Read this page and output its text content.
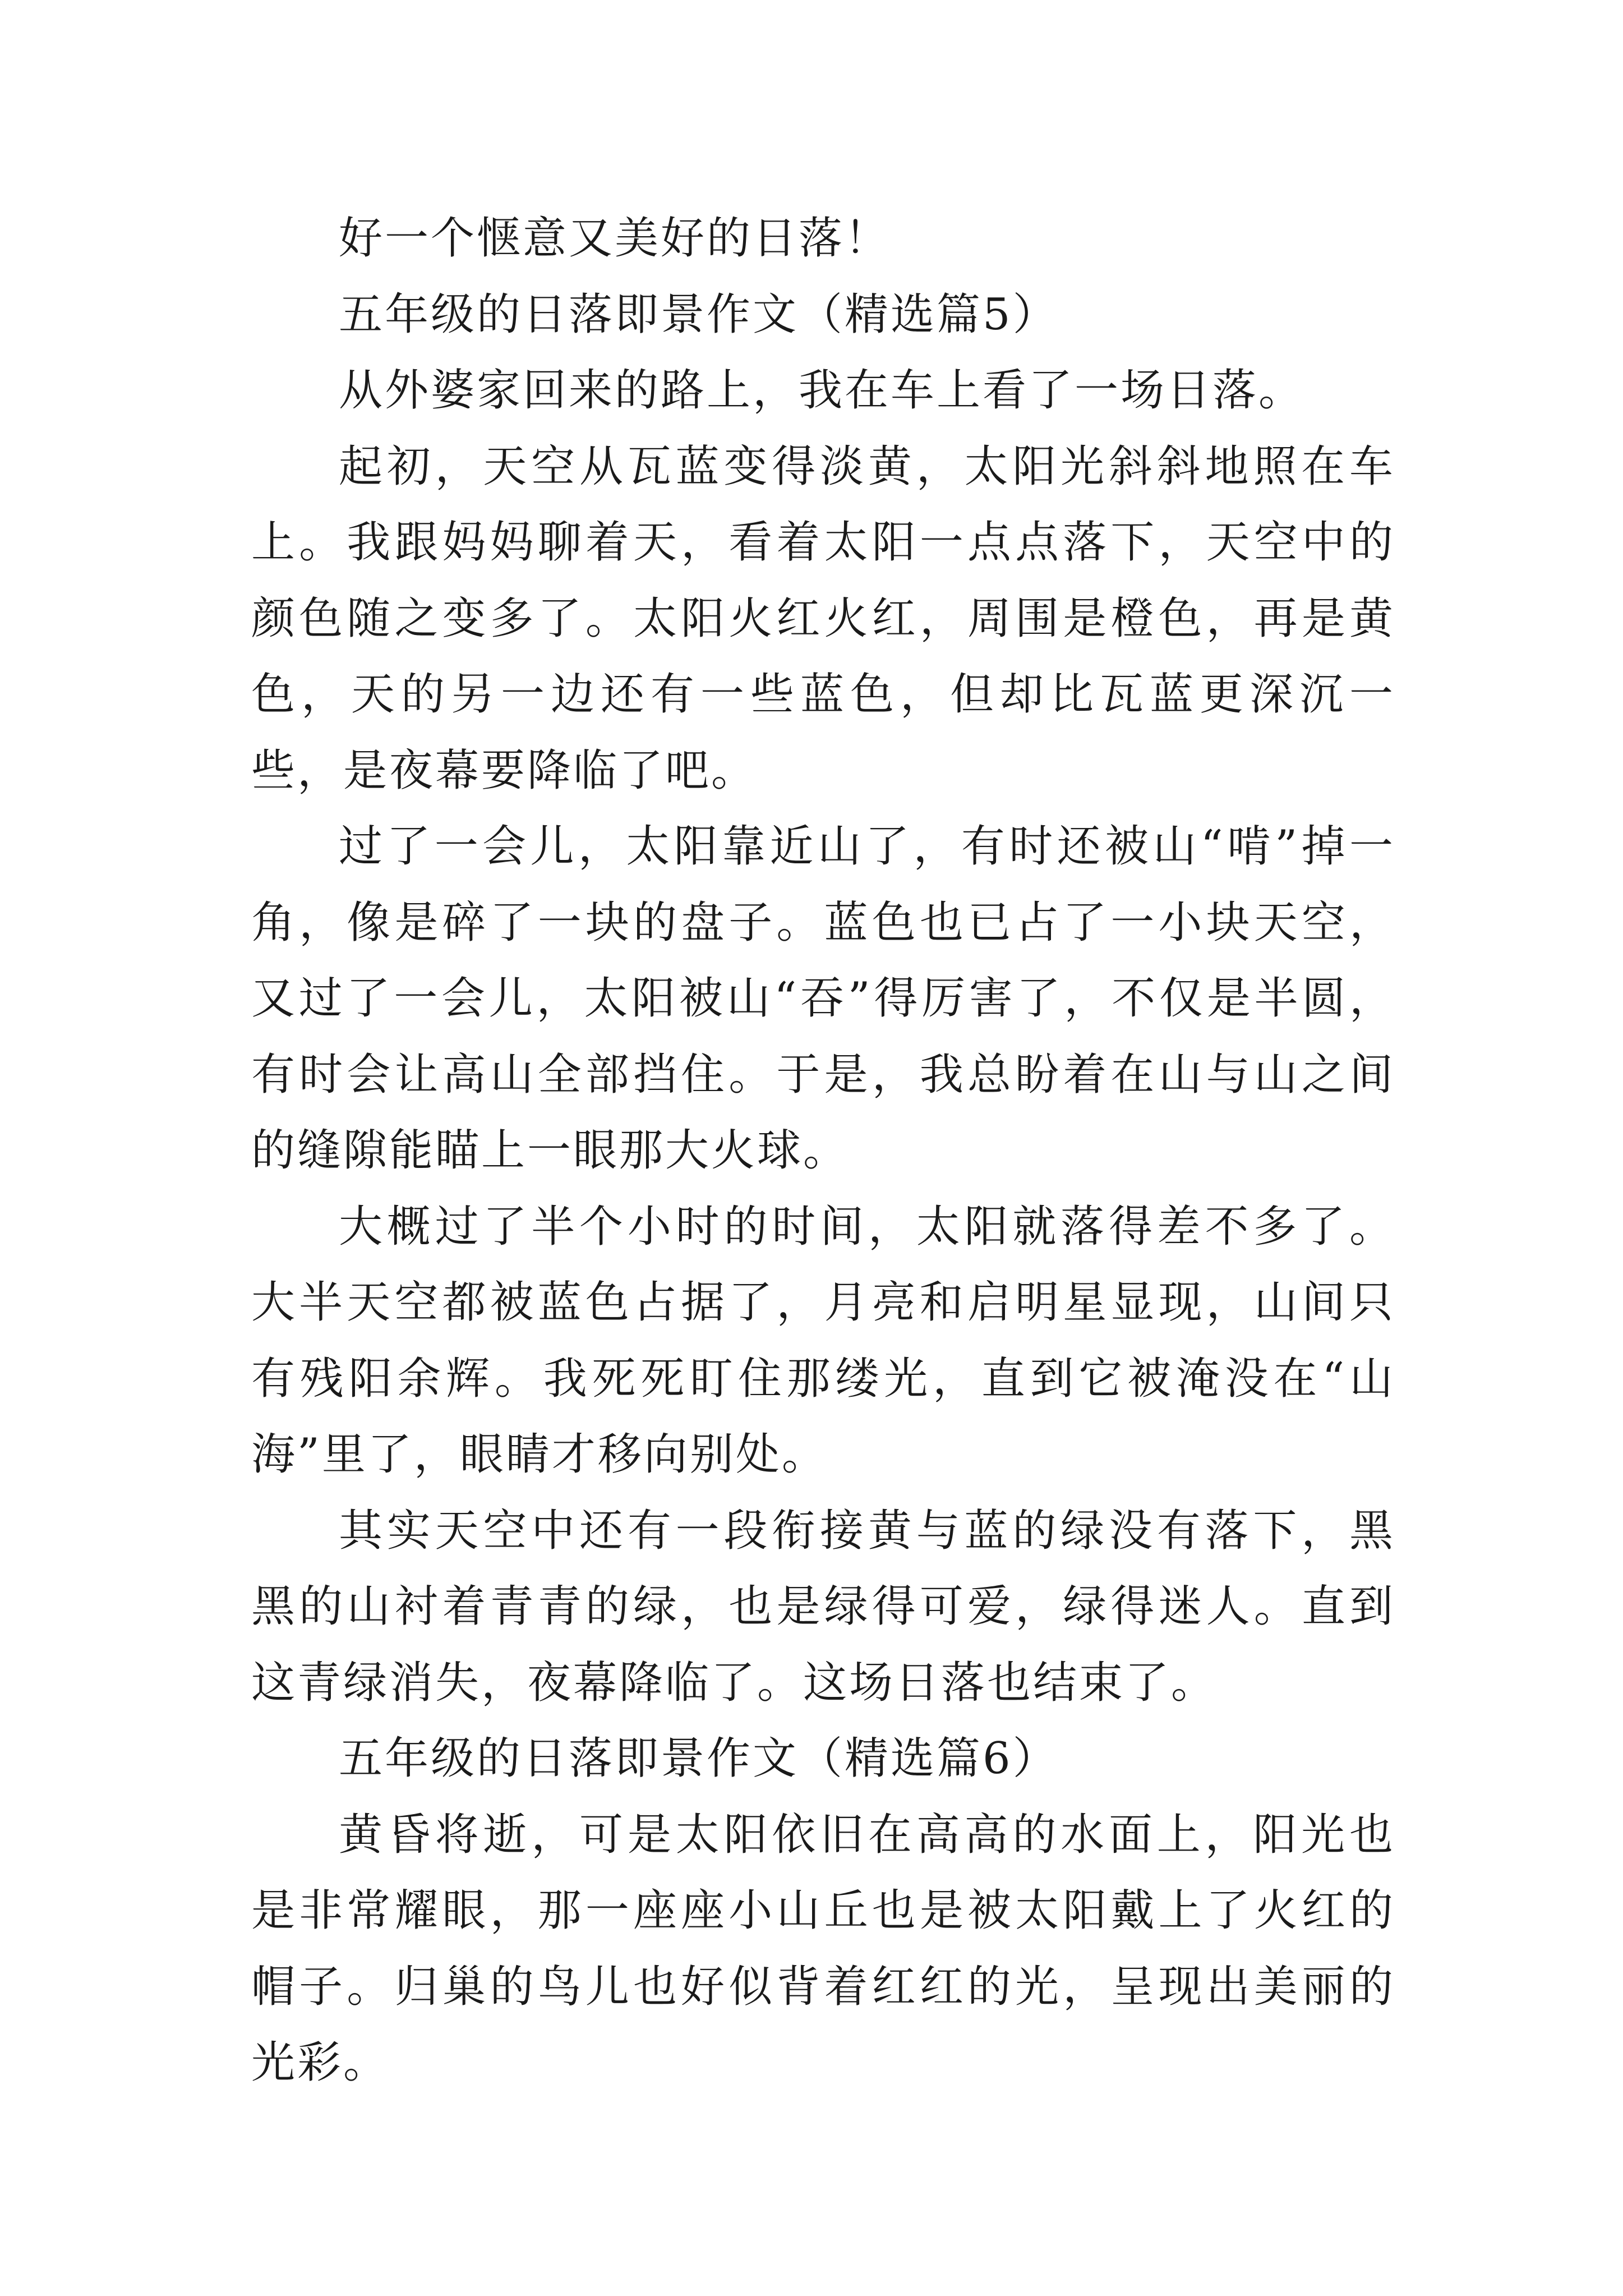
好一个惬意又美好的日落！

五年级的日落即景作文（精选篇5）

从外婆家回来的路上，我在车上看了一场日落。

起初，天空从瓦蓝变得淡黄，太阳光斜斜地照在车上。我跟妈妈聊着天，看着太阳一点点落下，天空中的颜色随之变多了。太阳火红火红，周围是橙色，再是黄色，天的另一边还有一些蓝色，但却比瓦蓝更深沉一些，是夜幕要降临了吧。

过了一会儿，太阳靠近山了，有时还被山“啃”掉一角，像是碎了一块的盘子。蓝色也已占了一小块天空，又过了一会儿，太阳被山“吞”得厉害了，不仅是半圆，有时会让高山全部挡住。于是，我总盼着在山与山之间的缝隙能瞄上一眼那大火球。

大概过了半个小时的时间，太阳就落得差不多了。大半天空都被蓝色占据了，月亮和启明星显现，山间只有残阳余辉。我死死盯住那缕光，直到它被淹没在“山海”里了，眼睛才移向别处。

其实天空中还有一段衔接黄与蓝的绿没有落下，黑黑的山衬着青青的绿，也是绿得可爱，绿得迷人。直到这青绿消失，夜幕降临了。这场日落也结束了。

五年级的日落即景作文（精选篇6）

黄昏将逝，可是太阳依旧在高高的水面上，阳光也是非常耀眼，那一座座小山丘也是被太阳戴上了火红的帽子。归巢的鸟儿也好似背着红红的光，呈现出美丽的光彩。
